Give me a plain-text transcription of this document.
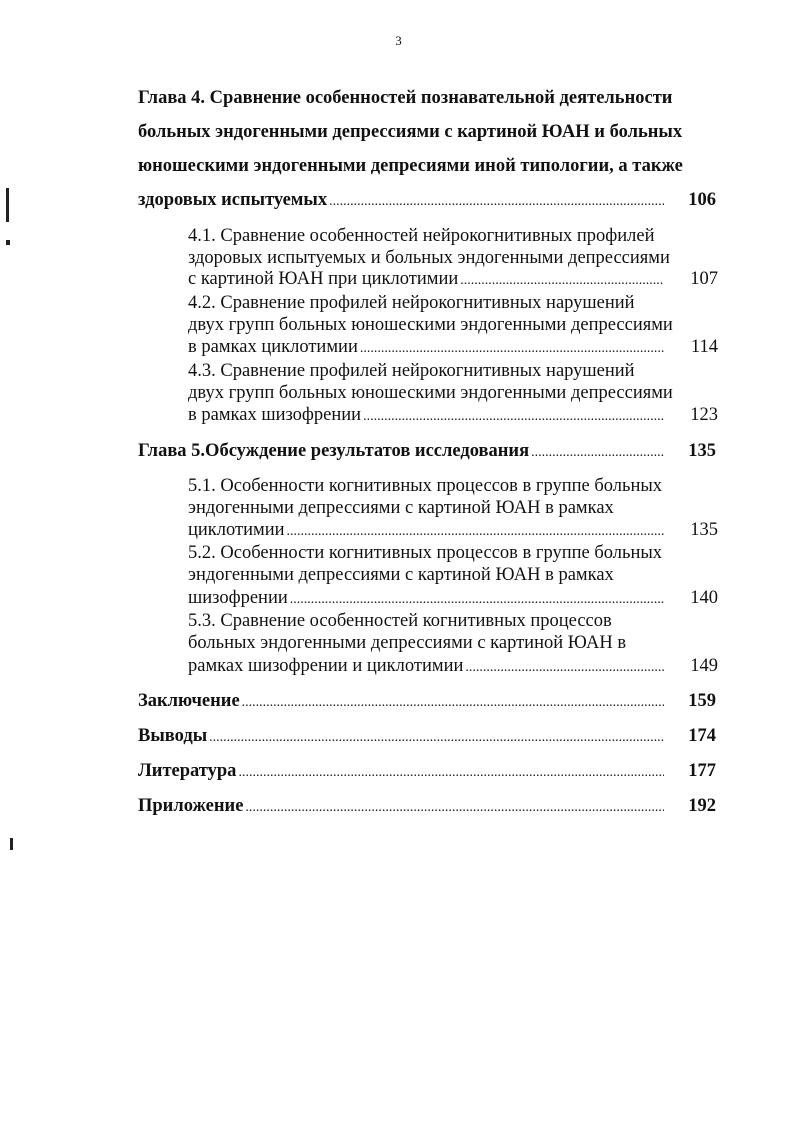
3
Глава 4. Сравнение особенностей познавательной деятельности
больных эндогенными депрессиями с картиной ЮАН и больных
юношескими эндогенными депресиями иной типологии, а также
здоровых испытуемых .....	106
4.1. Сравнение особенностей нейрокогнитивных профилей
здоровых испытуемых и больных эндогенными депрессиями
с картиной ЮАН при циклотимии .....	107
4.2. Сравнение профилей нейрокогнитивных нарушений
двух групп больных юношескими эндогенными депрессиями
в рамках циклотимии .....	114
4.3. Сравнение профилей нейрокогнитивных нарушений
двух групп больных юношескими эндогенными депрессиями
в рамках шизофрении .....	123
Глава 5.Обсуждение результатов исследования .....	135
5.1. Особенности когнитивных процессов в группе больных
эндогенными депрессиями с картиной ЮАН в рамках
циклотимии .....	135
5.2. Особенности когнитивных процессов в группе больных
эндогенными депрессиями с картиной ЮАН в рамках
шизофрении .....	140
5.3. Сравнение особенностей когнитивных процессов
больных эндогенными депрессиями с картиной ЮАН в
рамках шизофрении и циклотимии .....	149
Заключение .....	159
Выводы .....	174
Литература .....	177
Приложение .....	192
